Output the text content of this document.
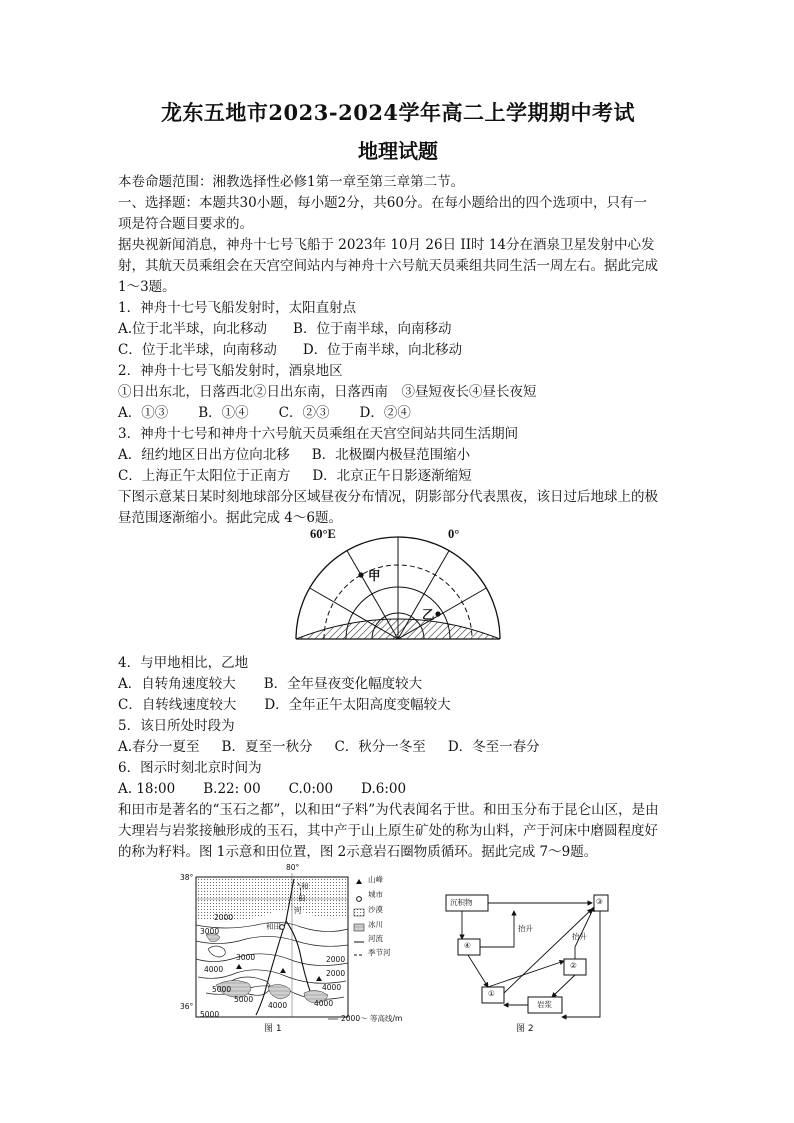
龙东五地市2023-2024学年高二上学期期中考试
地理试题
本卷命题范围：湘教选择性必修1第一章至第三章第二节。
一、选择题：本题共30小题，每小题2分，共60分。在每小题给出的四个选项中，只有一
项是符合题目要求的。
据央视新闻消息，神舟十七号飞船于 2023年 10月 26日 II时 14分在酒泉卫星发射中心发
射，其航天员乘组会在天宫空间站内与神舟十六号航天员乘组共同生活一周左右。据此完成
1～3题。
1．神舟十七号飞船发射时，太阳直射点
A.位于北半球，向北移动 B．位于南半球，向南移动
C．位于北半球，向南移动 D．位于南半球，向北移动
2．神舟十七号飞船发射时，酒泉地区
①日出东北，日落西北②日出东南，日落西南　③昼短夜长④昼长夜短
A．①③ B．①④ C．②③ D．②④
3．神舟十七号和神舟十六号航天员乘组在天宫空间站共同生活期间
A．纽约地区日出方位向北移 B．北极圈内极昼范围缩小
C．上海正午太阳位于正南方 D．北京正午日影逐渐缩短
下图示意某日某时刻地球部分区域昼夜分布情况，阴影部分代表黑夜，该日过后地球上的极
昼范围逐渐缩小。据此完成 4～6题。
60°E	0°
甲
乙
4．与甲地相比，乙地
A．自转角速度较大 B．全年昼夜变化幅度较大
C．自转线速度较大 D．全年正午太阳高度变幅较大
5．该日所处时段为
A.春分一夏至 B．夏至一秋分 C．秋分一冬至 D．冬至一春分
6．图示时刻北京时间为
A. 18:00 B.22: 00 C.0:00 D.6:00
和田市是著名的“玉石之都”，以和田“子料”为代表闻名于世。和田玉分布于昆仑山区，是由
大理岩与岩浆接触形成的玉石，其中产于山上原生矿处的称为山料，产于河床中磨圆程度好
的称为籽料。图 1示意和田位置，图 2示意岩石圈物质循环。据此完成 7～9题。
山峰
城市
沙漠
冰川
河流
季节河
2000～ 等高线/m
38°
36°
80°
和
田
河
和田
2000
3000
4000
5000
5000
4000
3000	2000
2000
4000
4000
5000
图 1
沉积物
④
③
②
①
岩浆
抬升
抬升
图 2
